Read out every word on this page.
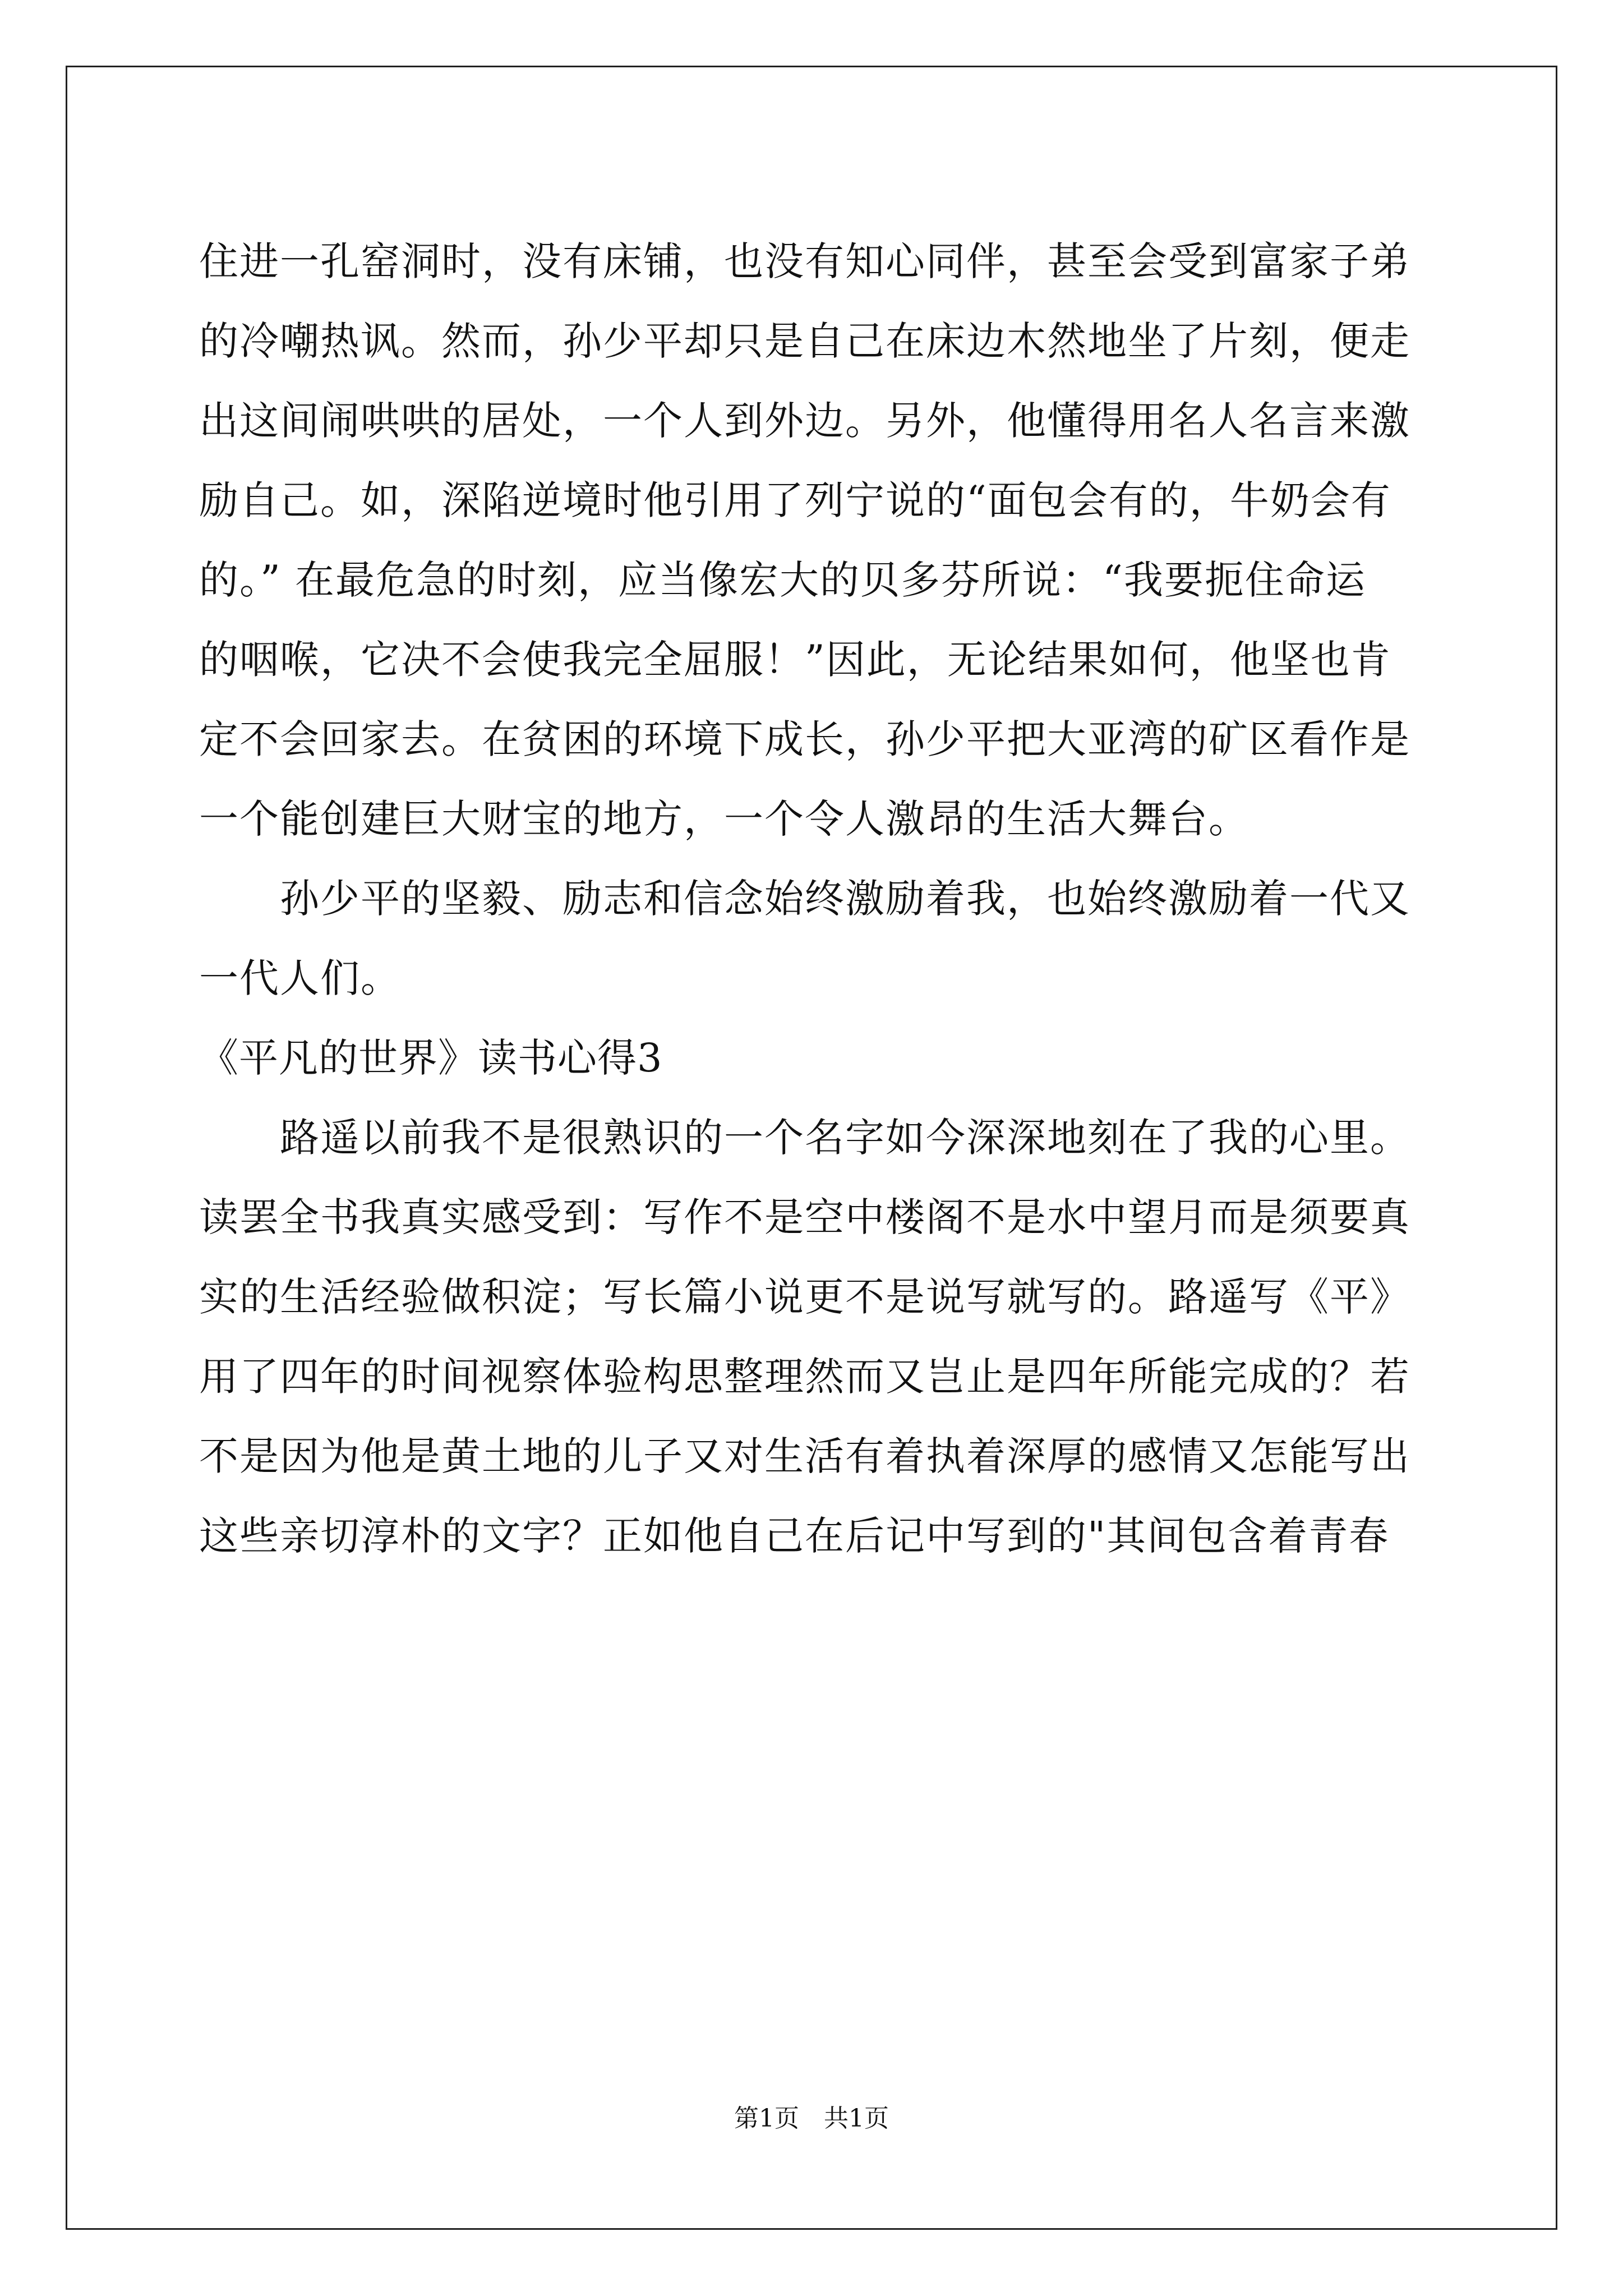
住进一孔窑洞时，没有床铺，也没有知心同伴，甚至会受到富家子弟
的冷嘲热讽。然而，孙少平却只是自己在床边木然地坐了片刻，便走
出这间闹哄哄的居处，一个人到外边。另外，他懂得用名人名言来激
励自己。如，深陷逆境时他引用了列宁说的“面包会有的，牛奶会有
的。” 在最危急的时刻，应当像宏大的贝多芬所说：“我要扼住命运
的咽喉，它决不会使我完全屈服！”因此，无论结果如何，他坚也肯
定不会回家去。在贫困的环境下成长，孙少平把大亚湾的矿区看作是
一个能创建巨大财宝的地方，一个令人激昂的生活大舞台。
　　孙少平的坚毅、励志和信念始终激励着我，也始终激励着一代又
一代人们。
《平凡的世界》读书心得3
　　路遥以前我不是很熟识的一个名字如今深深地刻在了我的心里。
读罢全书我真实感受到：写作不是空中楼阁不是水中望月而是须要真
实的生活经验做积淀；写长篇小说更不是说写就写的。路遥写《平》
用了四年的时间视察体验构思整理然而又岂止是四年所能完成的？若
不是因为他是黄土地的儿子又对生活有着执着深厚的感情又怎能写出
这些亲切淳朴的文字？正如他自己在后记中写到的"其间包含着青春
第1页　共1页
